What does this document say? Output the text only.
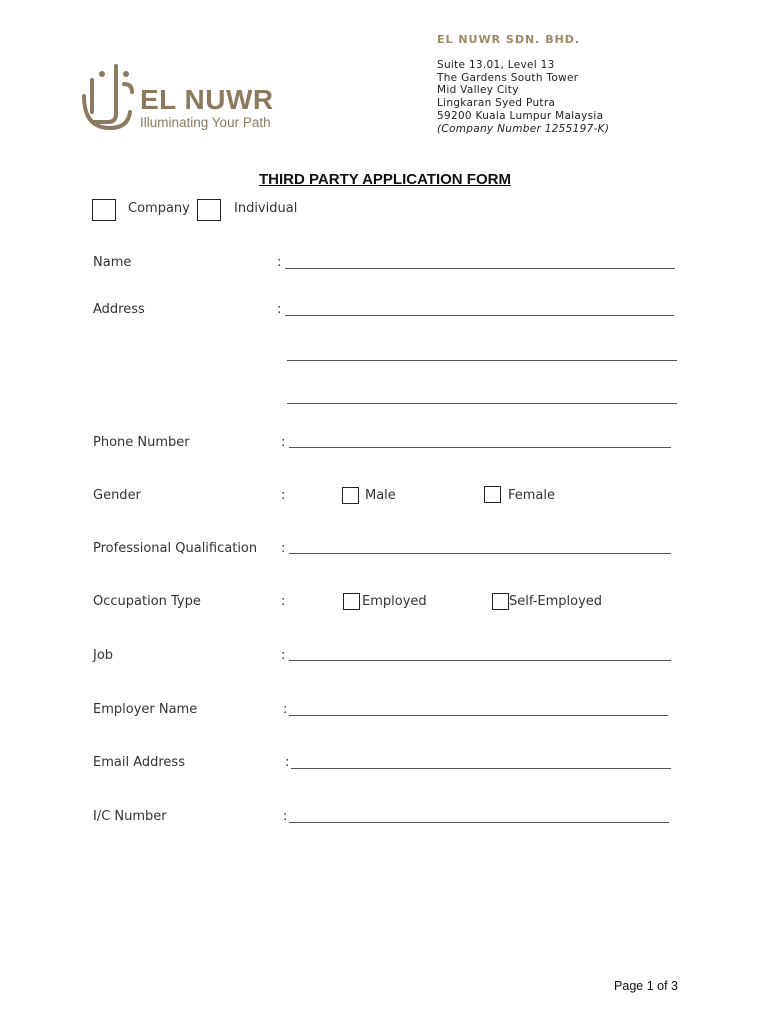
EL NUWR
Illuminating Your Path
EL NUWR SDN. BHD.
Suite 13.01, Level 13
The Gardens South Tower
Mid Valley City
Lingkaran Syed Putra
59200 Kuala Lumpur Malaysia
(Company Number 1255197-K)
THIRD PARTY APPLICATION FORM
Company	Individual
Name	:
Address	:
Phone Number	:
Gender	:	Male	Female
Professional Qualification :
Occupation Type	:	Employed	Self-Employed
Job	:
Employer Name	:
Email Address	:
I/C Number	:
Page 1 of 3
